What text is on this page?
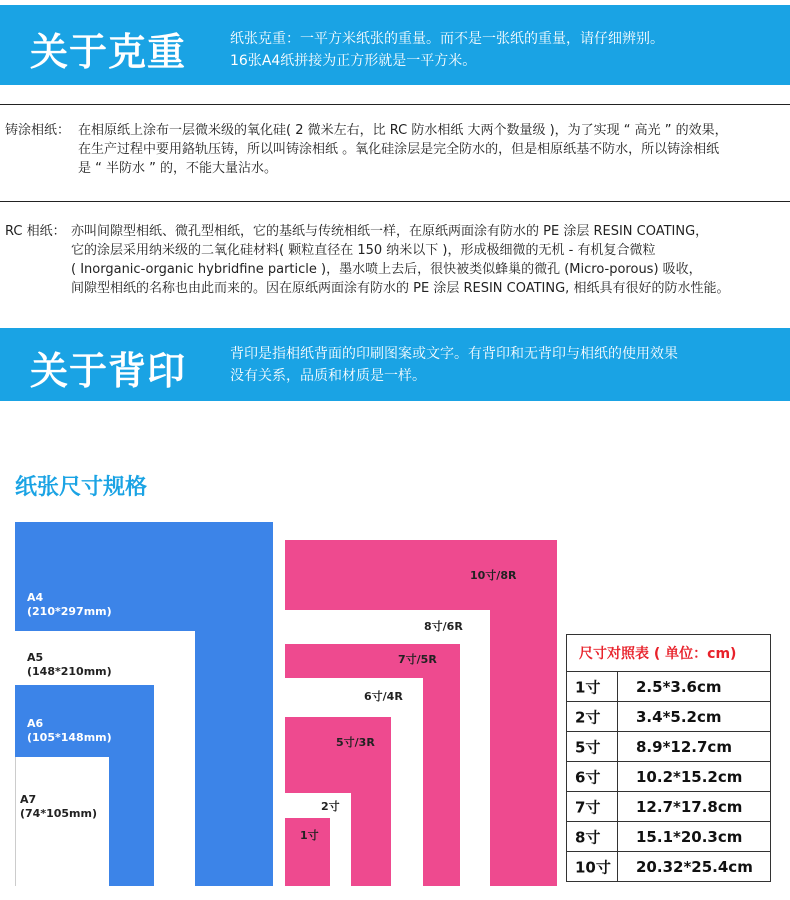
关于克重	纸张克重：一平方米纸张的重量。而不是一张纸的重量，请仔细辨别。
16张A4纸拼接为正方形就是一平方米。
铸涂相纸： 在相原纸上涂布一层微米级的氧化硅( 2 微米左右，比 RC 防水相纸 大两个数量级 )，为了实现 “ 高光 ” 的效果，
在生产过程中要用鉻轨压铸，所以叫铸涂相纸 。氧化硅涂层是完全防水的，但是相原纸基不防水，所以铸涂相纸
是 “ 半防水 ” 的，不能大量沾水。
RC 相纸： 亦叫间隙型相纸、微孔型相纸，它的基纸与传统相纸一样，在原纸两面涂有防水的 PE 涂层 RESIN COATING，
它的涂层采用纳米级的二氧化硅材料( 颗粒直径在 150 纳米以下 )，形成极细微的无机 - 有机复合微粒
( Inorganic-organic hybridfine particle )，墨水喷上去后，很快被类似蜂巢的微孔 (Micro-porous) 吸收，
间隙型相纸的名称也由此而来的。因在原纸两面涂有防水的 PE 涂层 RESIN COATING, 相纸具有很好的防水性能。
关于背印	背印是指相纸背面的印刷图案或文字。有背印和无背印与相纸的使用效果
没有关系，品质和材质是一样。
纸张尺寸规格
A4
(210*297mm)
A5
(148*210mm)
A6
(105*148mm)
A7
(74*105mm)
10寸/8R
8寸/6R
7寸/5R
6寸/4R
5寸/3R
2寸
1寸
尺寸对照表 ( 单位：cm)
1寸 2.5*3.6cm
2寸 3.4*5.2cm
5寸 8.9*12.7cm
6寸 10.2*15.2cm
7寸 12.7*17.8cm
8寸 15.1*20.3cm
10寸 20.32*25.4cm
